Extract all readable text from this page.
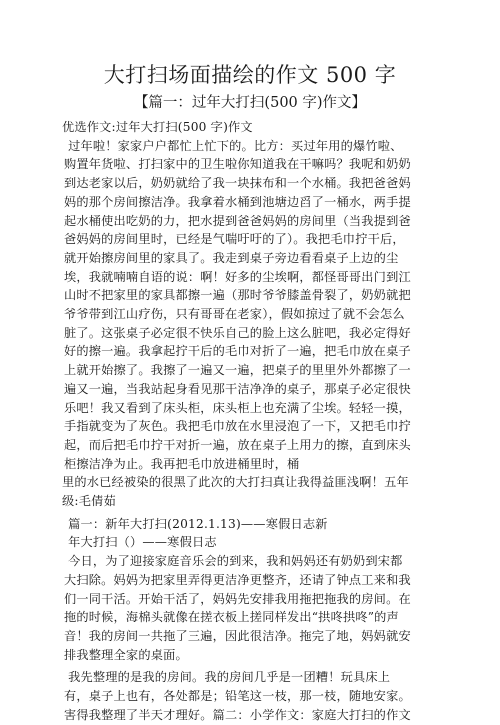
大打扫场面描绘的作文 500 字
【篇一：过年大打扫(500 字)作文】

优选作文:过年大打扫(500 字)作文

过年啦！家家户户都忙上忙下的。比方：买过年用的爆竹啦、购置年货啦、打扫家中的卫生啦你知道我在干嘛吗？我呢和奶奶到达老家以后，奶奶就给了我一块抹布和一个水桶。我把爸爸妈妈的那个房间擦洁净。我拿着水桶到池塘边舀了一桶水，两手提起水桶使出吃奶的力，把水提到爸爸妈妈的房间里（当我提到爸爸妈妈的房间里时，已经是气喘吁吁的了）。我把毛巾拧干后，就开始擦房间里的家具了。我走到桌子旁边看看桌子上边的尘埃，我就喃喃自语的说：啊！好多的尘埃啊，都怪哥哥出门到江山时不把家里的家具都擦一遍（那时爷爷膝盖骨裂了，奶奶就把爷爷带到江山疗伤，只有哥哥在老家），假如掠过了就不会怎么脏了。这张桌子必定很不快乐自己的脸上这么脏吧，我必定得好好的擦一遍。我拿起拧干后的毛巾对折了一遍，把毛巾放在桌子上就开始擦了。我擦了一遍又一遍，把桌子的里里外外都擦了一遍又一遍，当我站起身看见那干洁净净的桌子，那桌子必定很快乐吧！我又看到了床头柜，床头柜上也充满了尘埃。轻轻一摸，手指就变为了灰色。我把毛巾放在水里浸泡了一下，又把毛巾拧起，而后把毛巾拧干对折一遍，放在桌子上用力的擦，直到床头柜擦洁净为止。我再把毛巾放进桶里时，桶

里的水已经被染的很黑了此次的大打扫真让我得益匪浅啊！五年级:毛倩茹

篇一：新年大打扫(2012.1.13)——寒假日志新

年大打扫（）——寒假日志

今日，为了迎接家庭音乐会的到来，我和妈妈还有奶奶到宋都大扫除。妈妈为把家里弄得更洁净更整齐，还请了钟点工来和我们一同干活。开始干活了，妈妈先安排我用拖把拖我的房间。在拖的时候，海棉头就像在搓衣板上搓同样发出“拱咚拱咚”的声音！我的房间一共拖了三遍，因此很洁净。拖完了地，妈妈就安排我整理全家的桌面。

我先整理的是我的房间。我的房间几乎是一团糟！玩具床上有，桌子上也有，各处都是；铅笔这一枝，那一枝，随地安家。害得我整理了半天才理好。篇二：小学作文：家庭大打扫的作文
